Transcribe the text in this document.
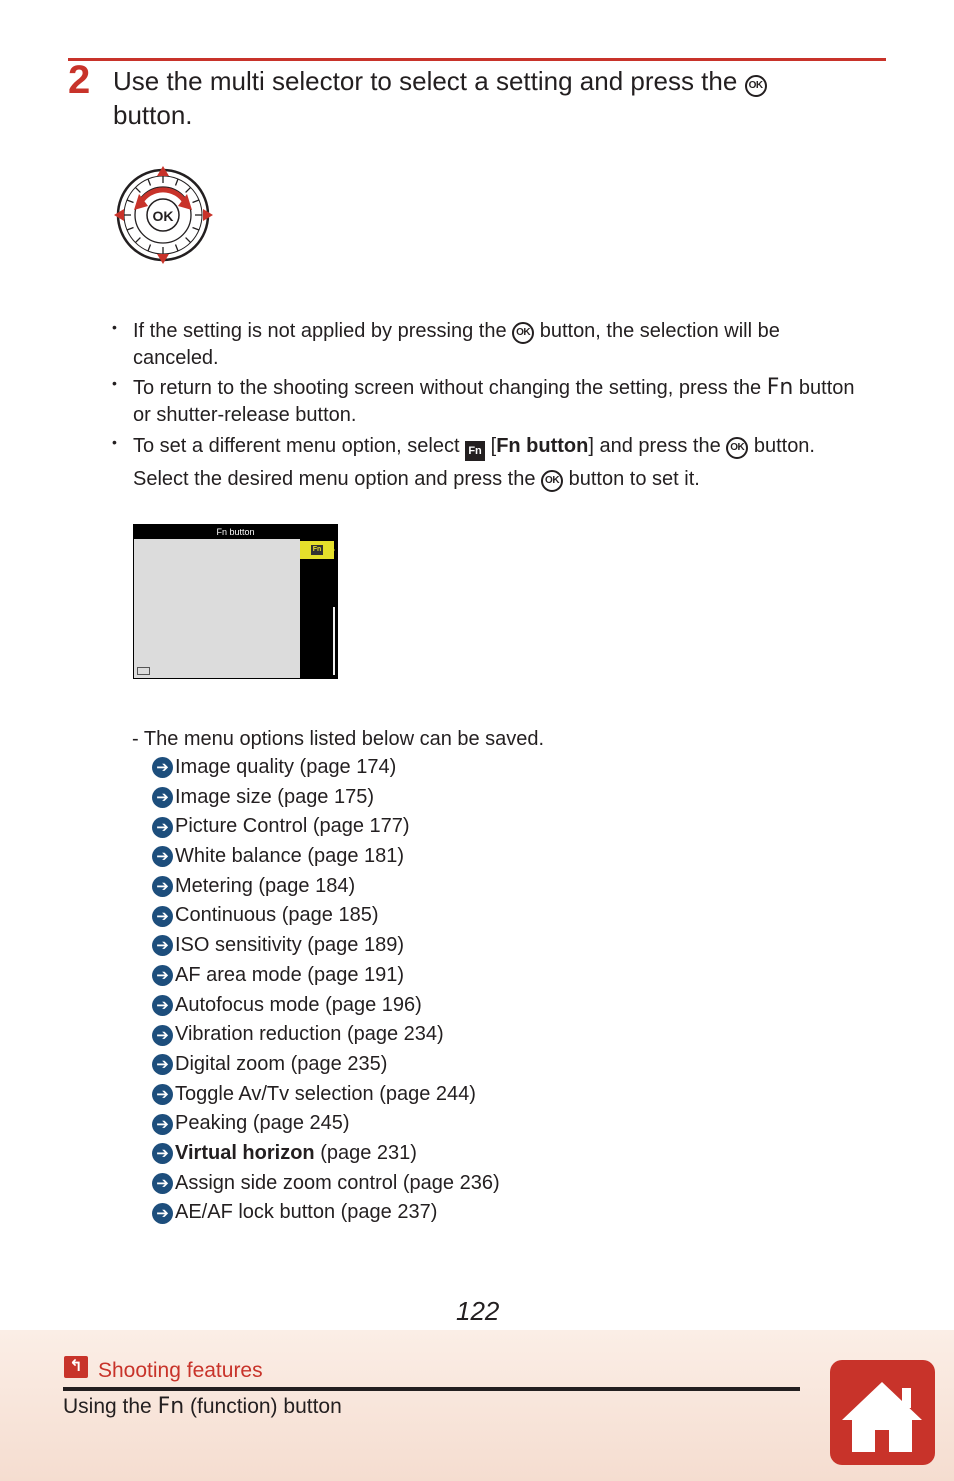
2 Use the multi selector to select a setting and press the OK
button.
OK
• If the setting is not applied by pressing the OK button, the selection will be
canceled.
• To return to the shooting screen without changing the setting, press the Fn button
or shutter-release button.
• To set a different menu option, select Fn [Fn button] and press the OK button.
Select the desired menu option and press the OK button to set it.
Fn button
Fn
- The menu options listed below can be saved.
➔ Image quality
(page 174)
➔ Image size
(page 175)
➔ Picture Control
(page 177)
➔ White balance
(page 181)
➔ Metering
(page 184)
➔ Continuous
(page 185)
➔ ISO sensitivity
(page 189)
➔ AF area mode
(page 191)
➔ Autofocus mode
(page 196)
➔ Vibration reduction
(page 234)
➔ Digital zoom
(page 235)
➔ Toggle Av/Tv selection
(page 244)
➔ Peaking
(page 245)
➔ Virtual horizon
(page 231)
➔ Assign side zoom control
(page 236)
➔ AE/AF lock button
(page 237)
122
↰ Shooting features
Using the Fn (function) button
